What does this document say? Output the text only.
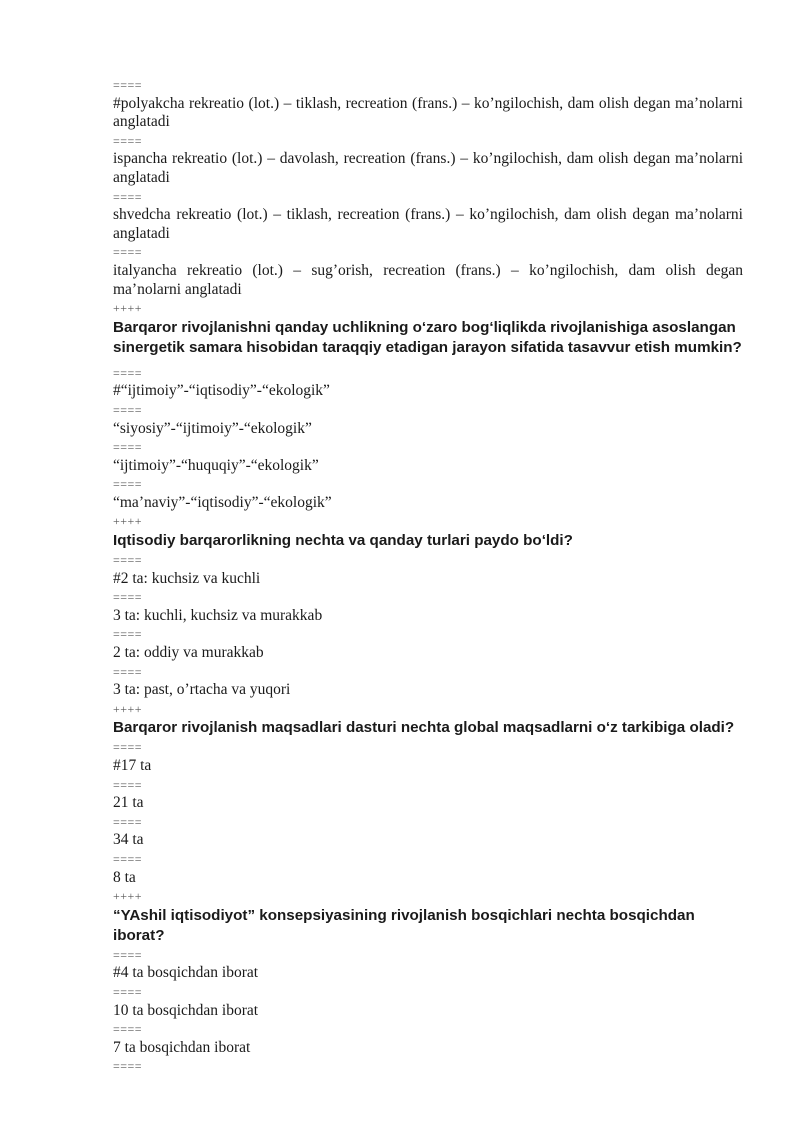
====

#polyakcha rekreatio (lot.) – tiklash, recreation (frans.) – ko’ngilochish, dam olish degan ma’nolarni anglatadi

====

ispancha rekreatio (lot.) – davolash, recreation (frans.) – ko’ngilochish, dam olish degan ma’nolarni anglatadi

====

shvedcha rekreatio (lot.) – tiklash, recreation (frans.) – ko’ngilochish, dam olish degan ma’nolarni anglatadi

====

italyancha rekreatio (lot.) – sug’orish, recreation (frans.) – ko’ngilochish, dam olish degan ma’nolarni anglatadi

++++

Barqaror rivojlanishni qanday uchlikning o‘zaro bog‘liqlikda rivojlanishiga asoslangan sinergetik samara hisobidan taraqqiy etadigan jarayon sifatida tasavvur etish mumkin?

====
#“ijtimoiy”-“iqtisodiy”-“ekologik”
====
“siyosiy”-“ijtimoiy”-“ekologik”
====
“ijtimoiy”-“huquqiy”-“ekologik”
====
“ma’naviy”-“iqtisodiy”-“ekologik”
++++

Iqtisodiy barqarorlikning nechta va qanday turlari paydo bo‘ldi?

====
#2 ta: kuchsiz va kuchli
====
3 ta: kuchli, kuchsiz va murakkab
====
2 ta: oddiy va murakkab
====
3 ta: past, o’rtacha va yuqori
++++

Barqaror rivojlanish maqsadlari dasturi nechta global maqsadlarni o‘z tarkibiga oladi?

====
#17 ta
====
21 ta
====
34 ta
====
8 ta
++++

“YAshil iqtisodiyot” konsepsiyasining rivojlanish bosqichlari nechta bosqichdan iborat?

====
#4 ta bosqichdan iborat
====
10 ta bosqichdan iborat
====
7 ta bosqichdan iborat
====
